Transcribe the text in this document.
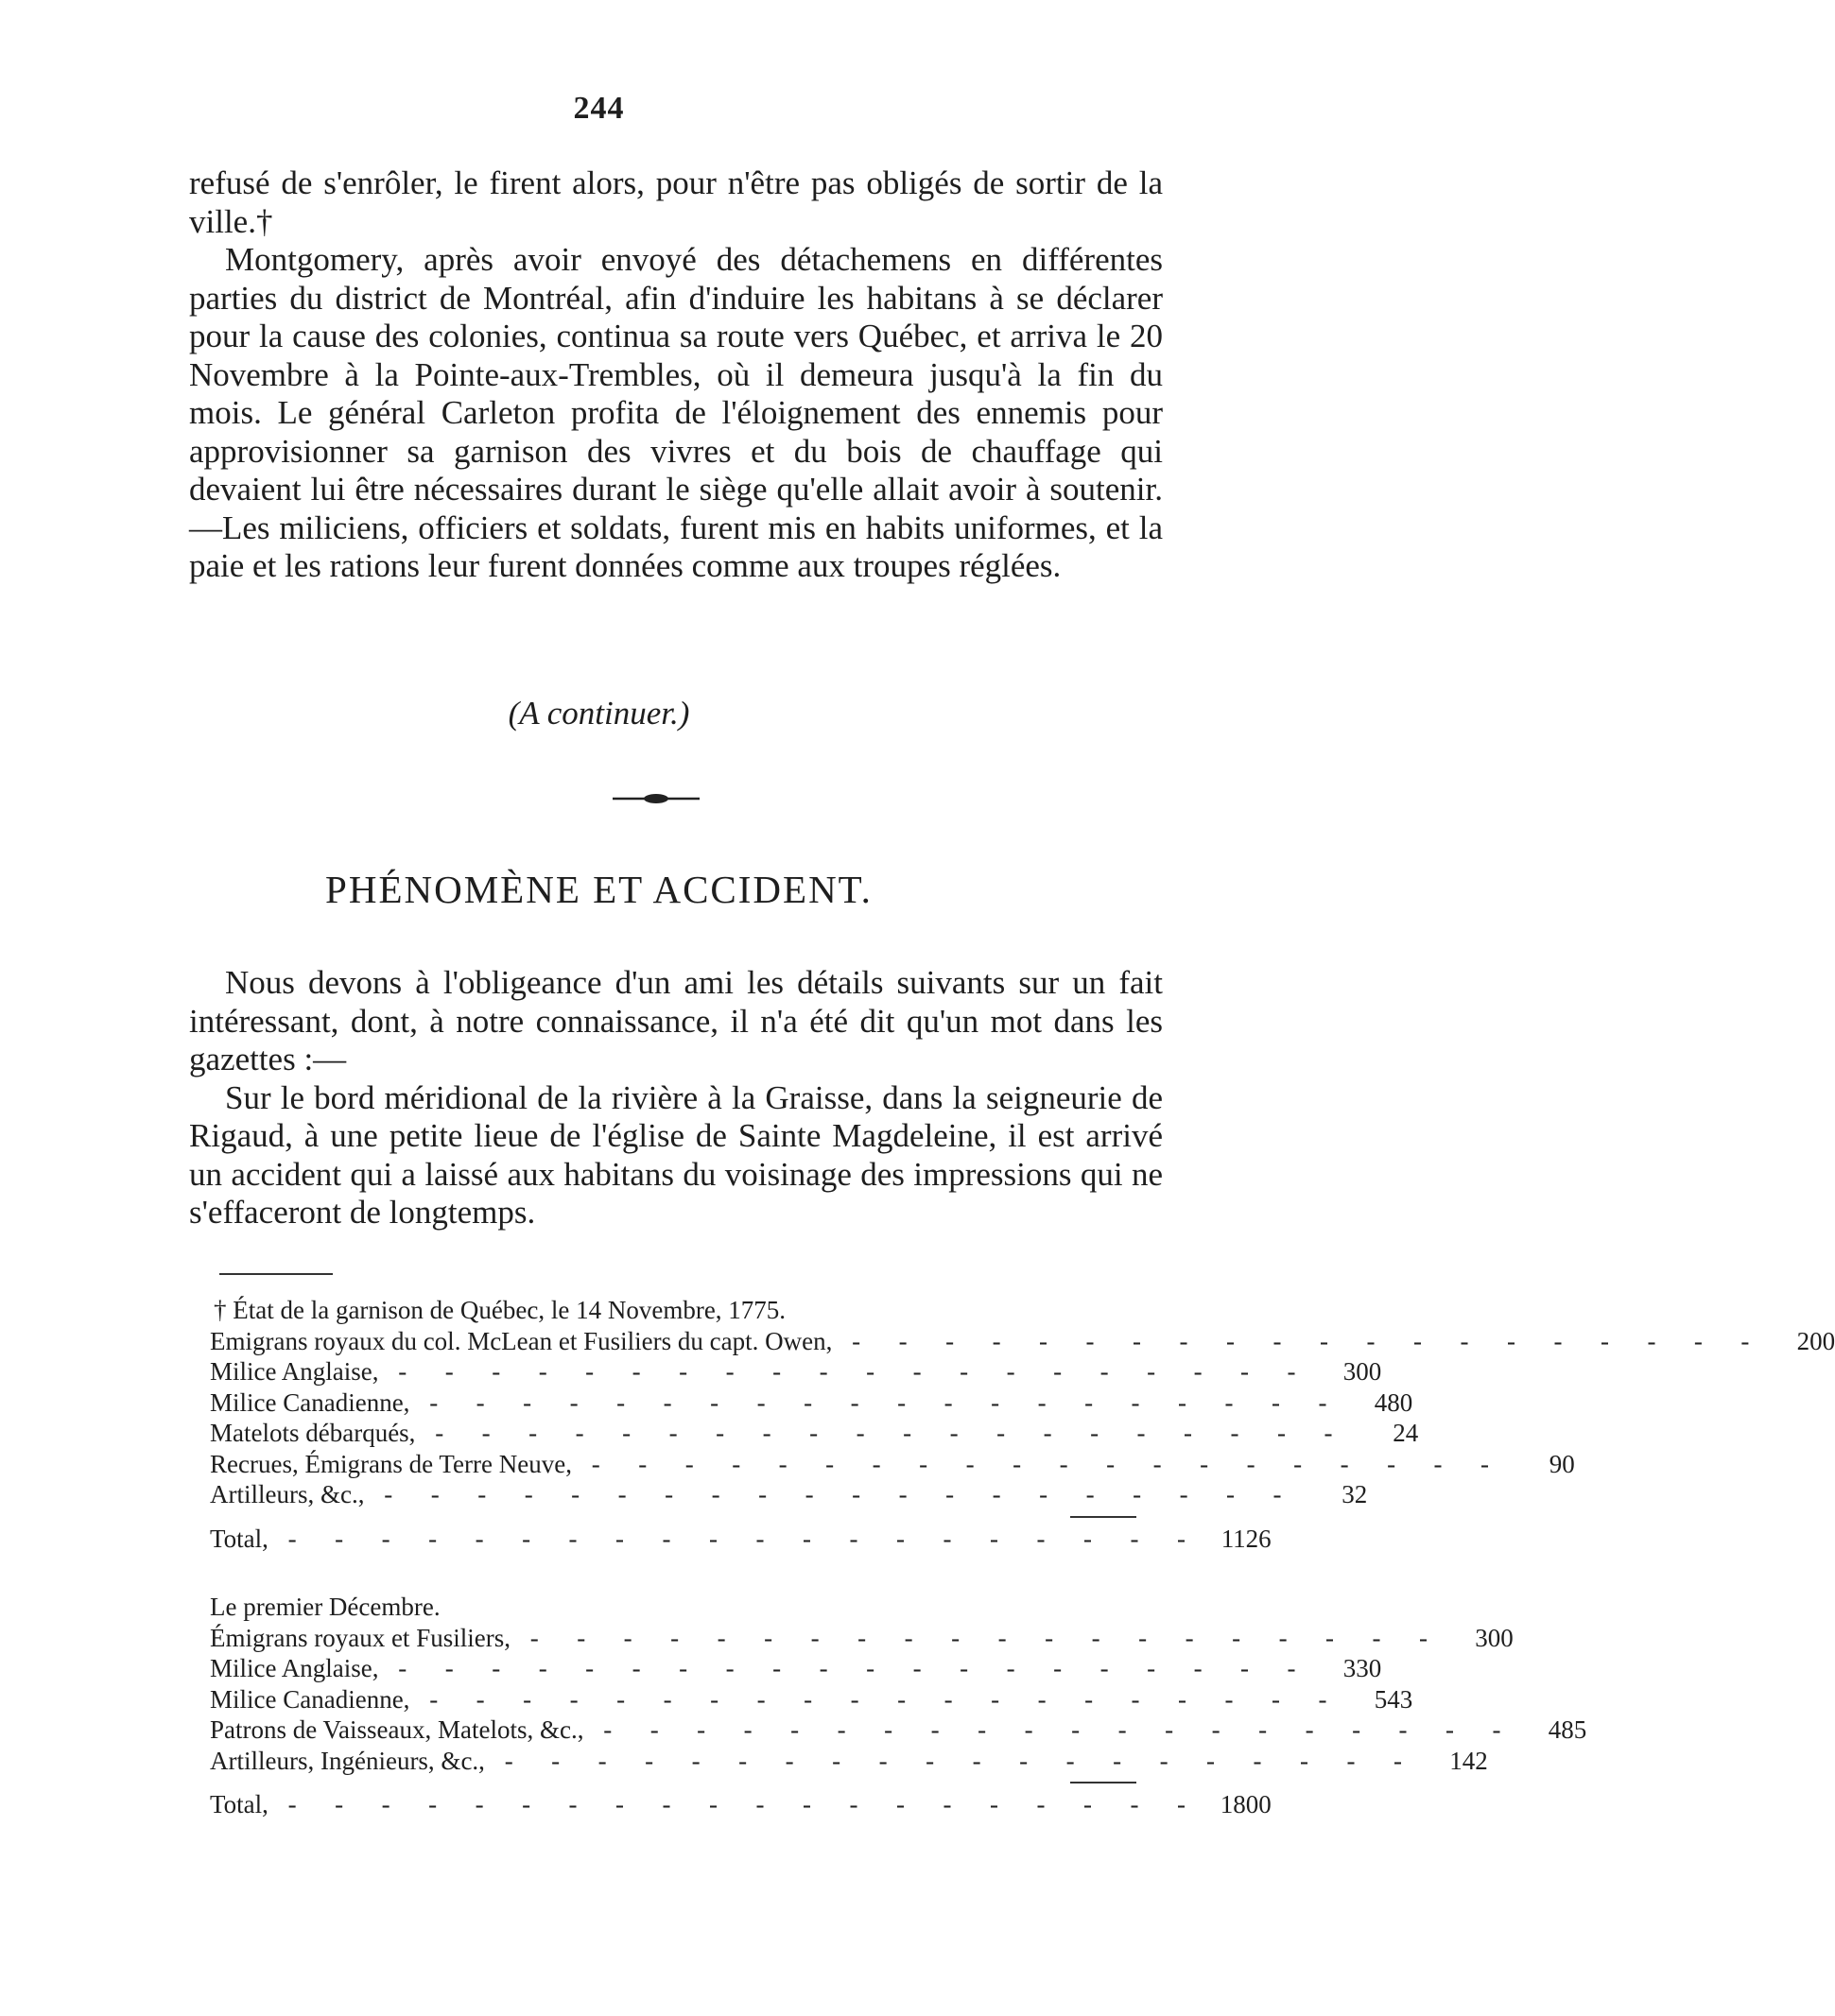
244

refusé de s'enrôler, le firent alors, pour n'être pas obligés de sortir de la ville.†

Montgomery, après avoir envoyé des détachemens en différentes parties du district de Montréal, afin d'induire les habitans à se déclarer pour la cause des colonies, continua sa route vers Québec, et arriva le 20 Novembre à la Pointe-aux-Trembles, où il demeura jusqu'à la fin du mois. Le général Carleton profita de l'éloignement des ennemis pour approvisionner sa garnison des vivres et du bois de chauffage qui devaient lui être nécessaires durant le siège qu'elle allait avoir à soutenir.—Les miliciens, officiers et soldats, furent mis en habits uniformes, et la paie et les rations leur furent données comme aux troupes réglées.

(A continuer.)
PHÉNOMÈNE ET ACCIDENT.

Nous devons à l'obligeance d'un ami les détails suivants sur un fait intéressant, dont, à notre connaissance, il n'a été dit qu'un mot dans les gazettes :—

Sur le bord méridional de la rivière à la Graisse, dans la seigneurie de Rigaud, à une petite lieue de l'église de Sainte Magdeleine, il est arrivé un accident qui a laissé aux habitans du voisinage des impressions qui ne s'effaceront de longtemps.

† État de la garnison de Québec, le 14 Novembre, 1775.
Emigrans royaux du col. McLean et Fusiliers du capt. Owen, -      -      -      -      -      -      -      -      -      -      -      -      -      -      -      -      -      -      -      -	200
Milice Anglaise, -      -      -      -      -      -      -      -      -      -      -      -      -      -      -      -      -      -      -      -	300
Milice Canadienne, -      -      -      -      -      -      -      -      -      -      -      -      -      -      -      -      -      -      -      -	480
Matelots débarqués, -      -      -      -      -      -      -      -      -      -      -      -      -      -      -      -      -      -      -      -	24
Recrues, Émigrans de Terre Neuve, -      -      -      -      -      -      -      -      -      -      -      -      -      -      -      -      -      -      -      -	90
Artilleurs, &c., -      -      -      -      -      -      -      -      -      -      -      -      -      -      -      -      -      -      -      -	32
Total, -      -      -      -      -      -      -      -      -      -      -      -      -      -      -      -      -      -      -      -	1126
Le premier Décembre.
Émigrans royaux et Fusiliers, -      -      -      -      -      -      -      -      -      -      -      -      -      -      -      -      -      -      -      -	300
Milice Anglaise, -      -      -      -      -      -      -      -      -      -      -      -      -      -      -      -      -      -      -      -	330
Milice Canadienne, -      -      -      -      -      -      -      -      -      -      -      -      -      -      -      -      -      -      -      -	543
Patrons de Vaisseaux, Matelots, &c., -      -      -      -      -      -      -      -      -      -      -      -      -      -      -      -      -      -      -      -	485
Artilleurs, Ingénieurs, &c., -      -      -      -      -      -      -      -      -      -      -      -      -      -      -      -      -      -      -      -	142
Total, -      -      -      -      -      -      -      -      -      -      -      -      -      -      -      -      -      -      -      -	1800
